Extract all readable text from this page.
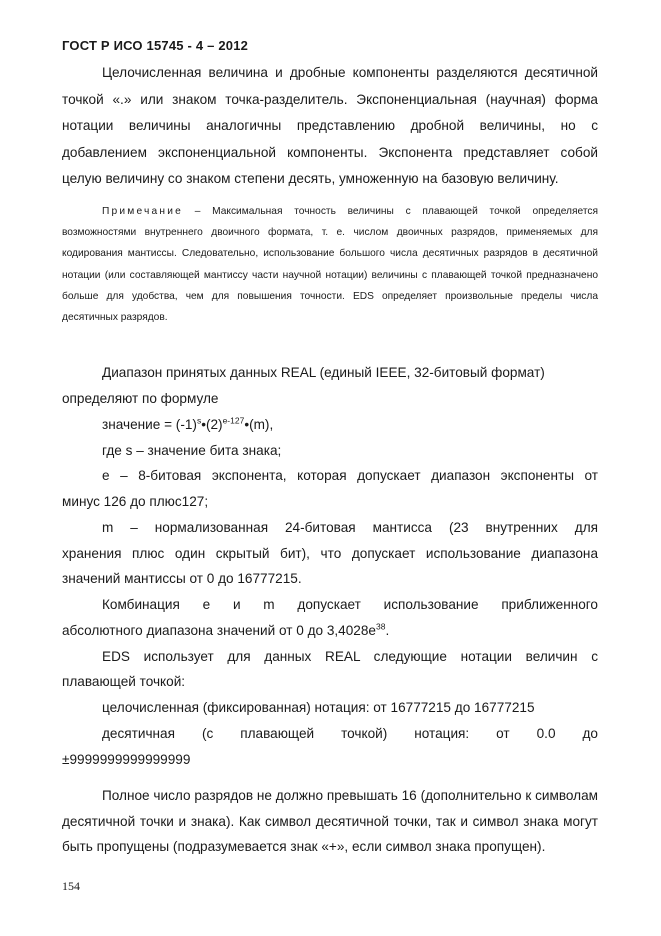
ГОСТ Р ИСО 15745 - 4 – 2012

Целочисленная величина и дробные компоненты разделяются десятичной точкой «.» или знаком точка-разделитель. Экспоненциальная (научная) форма нотации величины аналогичны представлению дробной величины, но с добавлением экспоненциальной компоненты. Экспонента представляет собой целую величину со знаком степени десять, умноженную на базовую величину.

Примечание – Максимальная точность величины с плавающей точкой определяется возможностями внутреннего двоичного формата, т. е. числом двоичных разрядов, применяемых для кодирования мантиссы. Следовательно, использование большого числа десятичных разрядов в десятичной нотации (или составляющей мантиссу части научной нотации) величины с плавающей точкой предназначено больше для удобства, чем для повышения точности. EDS определяет произвольные пределы числа десятичных разрядов.

Диапазон принятых данных REAL (единый IEEE, 32-битовый формат)
определяют по формуле
значение = $(-1)^s•(2)^{e-127}•(m)$,
где s – значение бита знака;
e – 8-битовая экспонента, которая допускает диапазон экспоненты от
минус 126 до плюс127;
m – нормализованная 24-битовая мантисса (23 внутренних для
хранения плюс один скрытый бит), что допускает использование диапазона
значений мантиссы от 0 до 16777215.
Комбинация e и m допускает использование приближенного
абсолютного диапазона значений от 0 до $3,4028e^{38}$.
EDS использует для данных REAL следующие нотации величин с
плавающей точкой:
целочисленная (фиксированная) нотация: от 16777215 до 16777215
десятичная (с плавающей точкой) нотация: от 0.0 до
±9999999999999999

Полное число разрядов не должно превышать 16 (дополнительно к символам десятичной точки и знака). Как символ десятичной точки, так и символ знака могут быть пропущены (подразумевается знак «+», если символ знака пропущен).

154
